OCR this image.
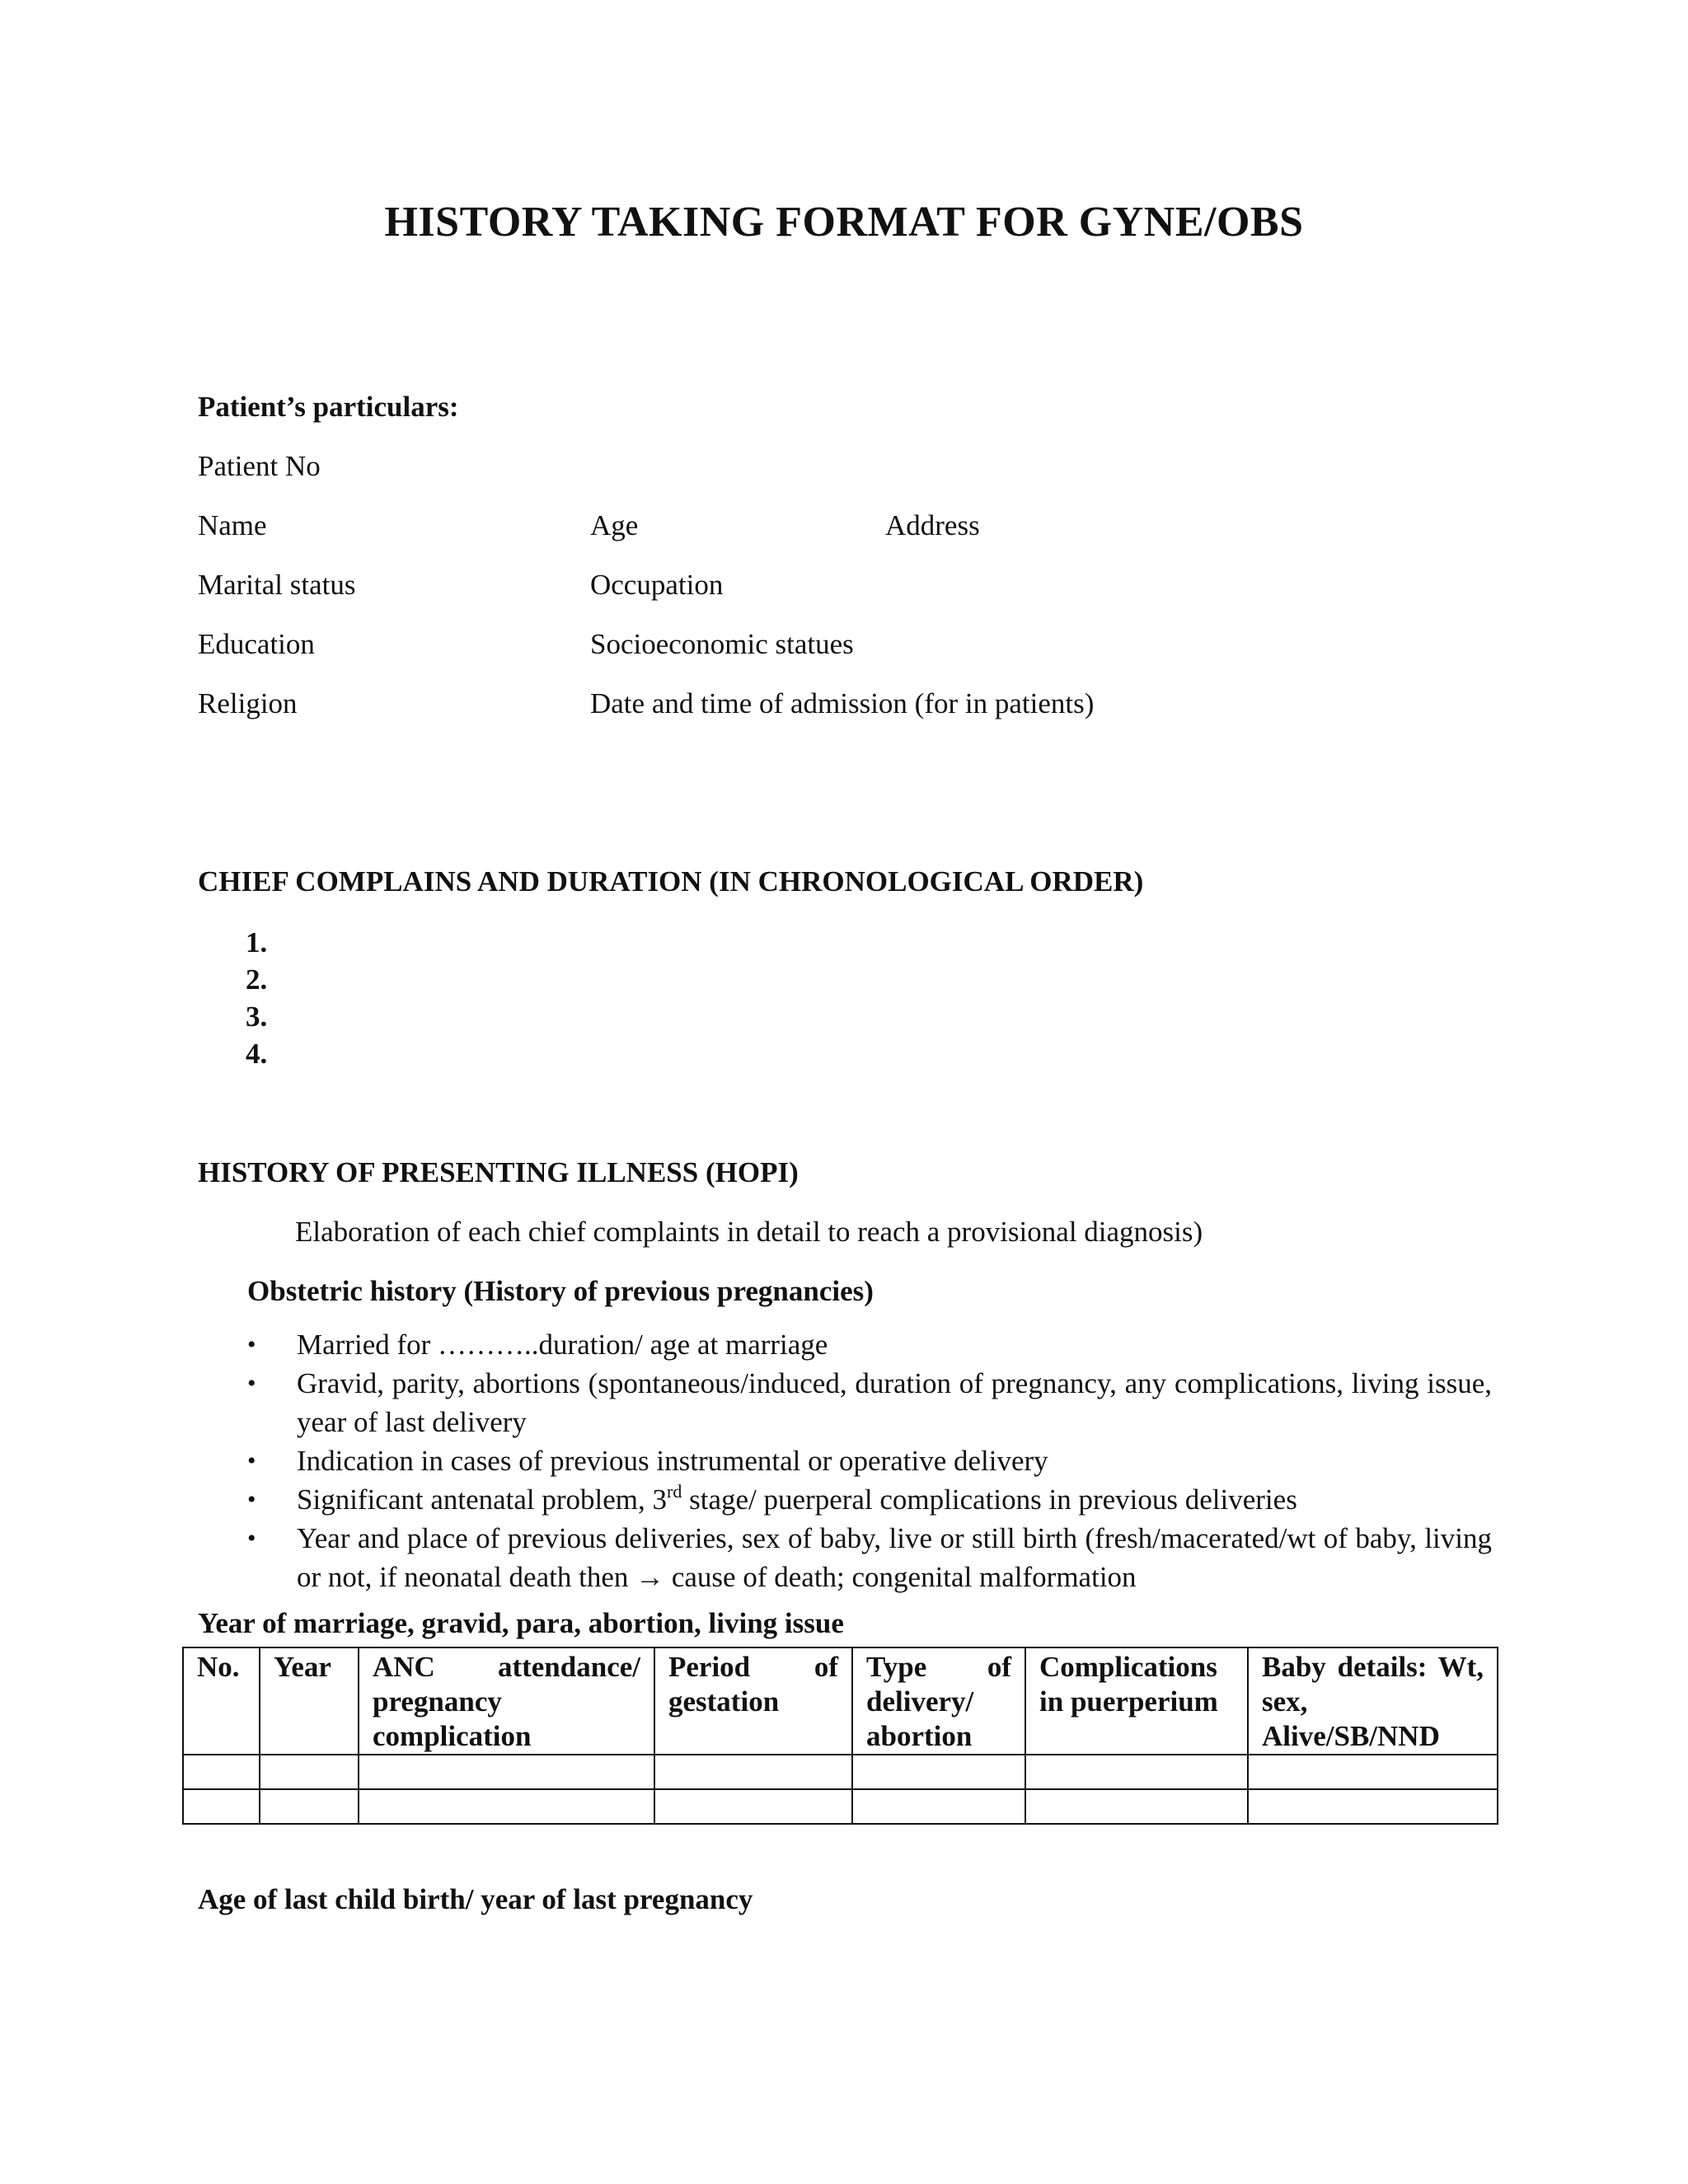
HISTORY TAKING FORMAT FOR GYNE/OBS
Patient’s particulars:
Patient No
Name	Age	Address
Marital status	Occupation
Education	Socioeconomic statues
Religion	Date and time of admission (for in patients)
CHIEF COMPLAINS AND DURATION (IN CHRONOLOGICAL ORDER)
1.
2.
3.
4.
HISTORY OF PRESENTING ILLNESS (HOPI)
Elaboration of each chief complaints in detail to reach a provisional diagnosis)
Obstetric history (History of previous pregnancies)
• Married for ………..duration/ age at marriage
• Gravid, parity, abortions (spontaneous/induced, duration of pregnancy, any complications, living issue, year of last delivery
• Indication in cases of previous instrumental or operative delivery
• Significant antenatal problem, 3rd stage/ puerperal complications in previous deliveries
• Year and place of previous deliveries, sex of baby, live or still birth (fresh/macerated/wt of baby, living or not, if neonatal death then → cause of death; congenital malformation
Year of marriage, gravid, para, abortion, living issue
No.	Year	ANC attendance/ pregnancy complication	Period of gestation	Type of delivery/ abortion	Complications in puerperium	Baby details: Wt, sex, Alive/SB/NND

Age of last child birth/ year of last pregnancy
